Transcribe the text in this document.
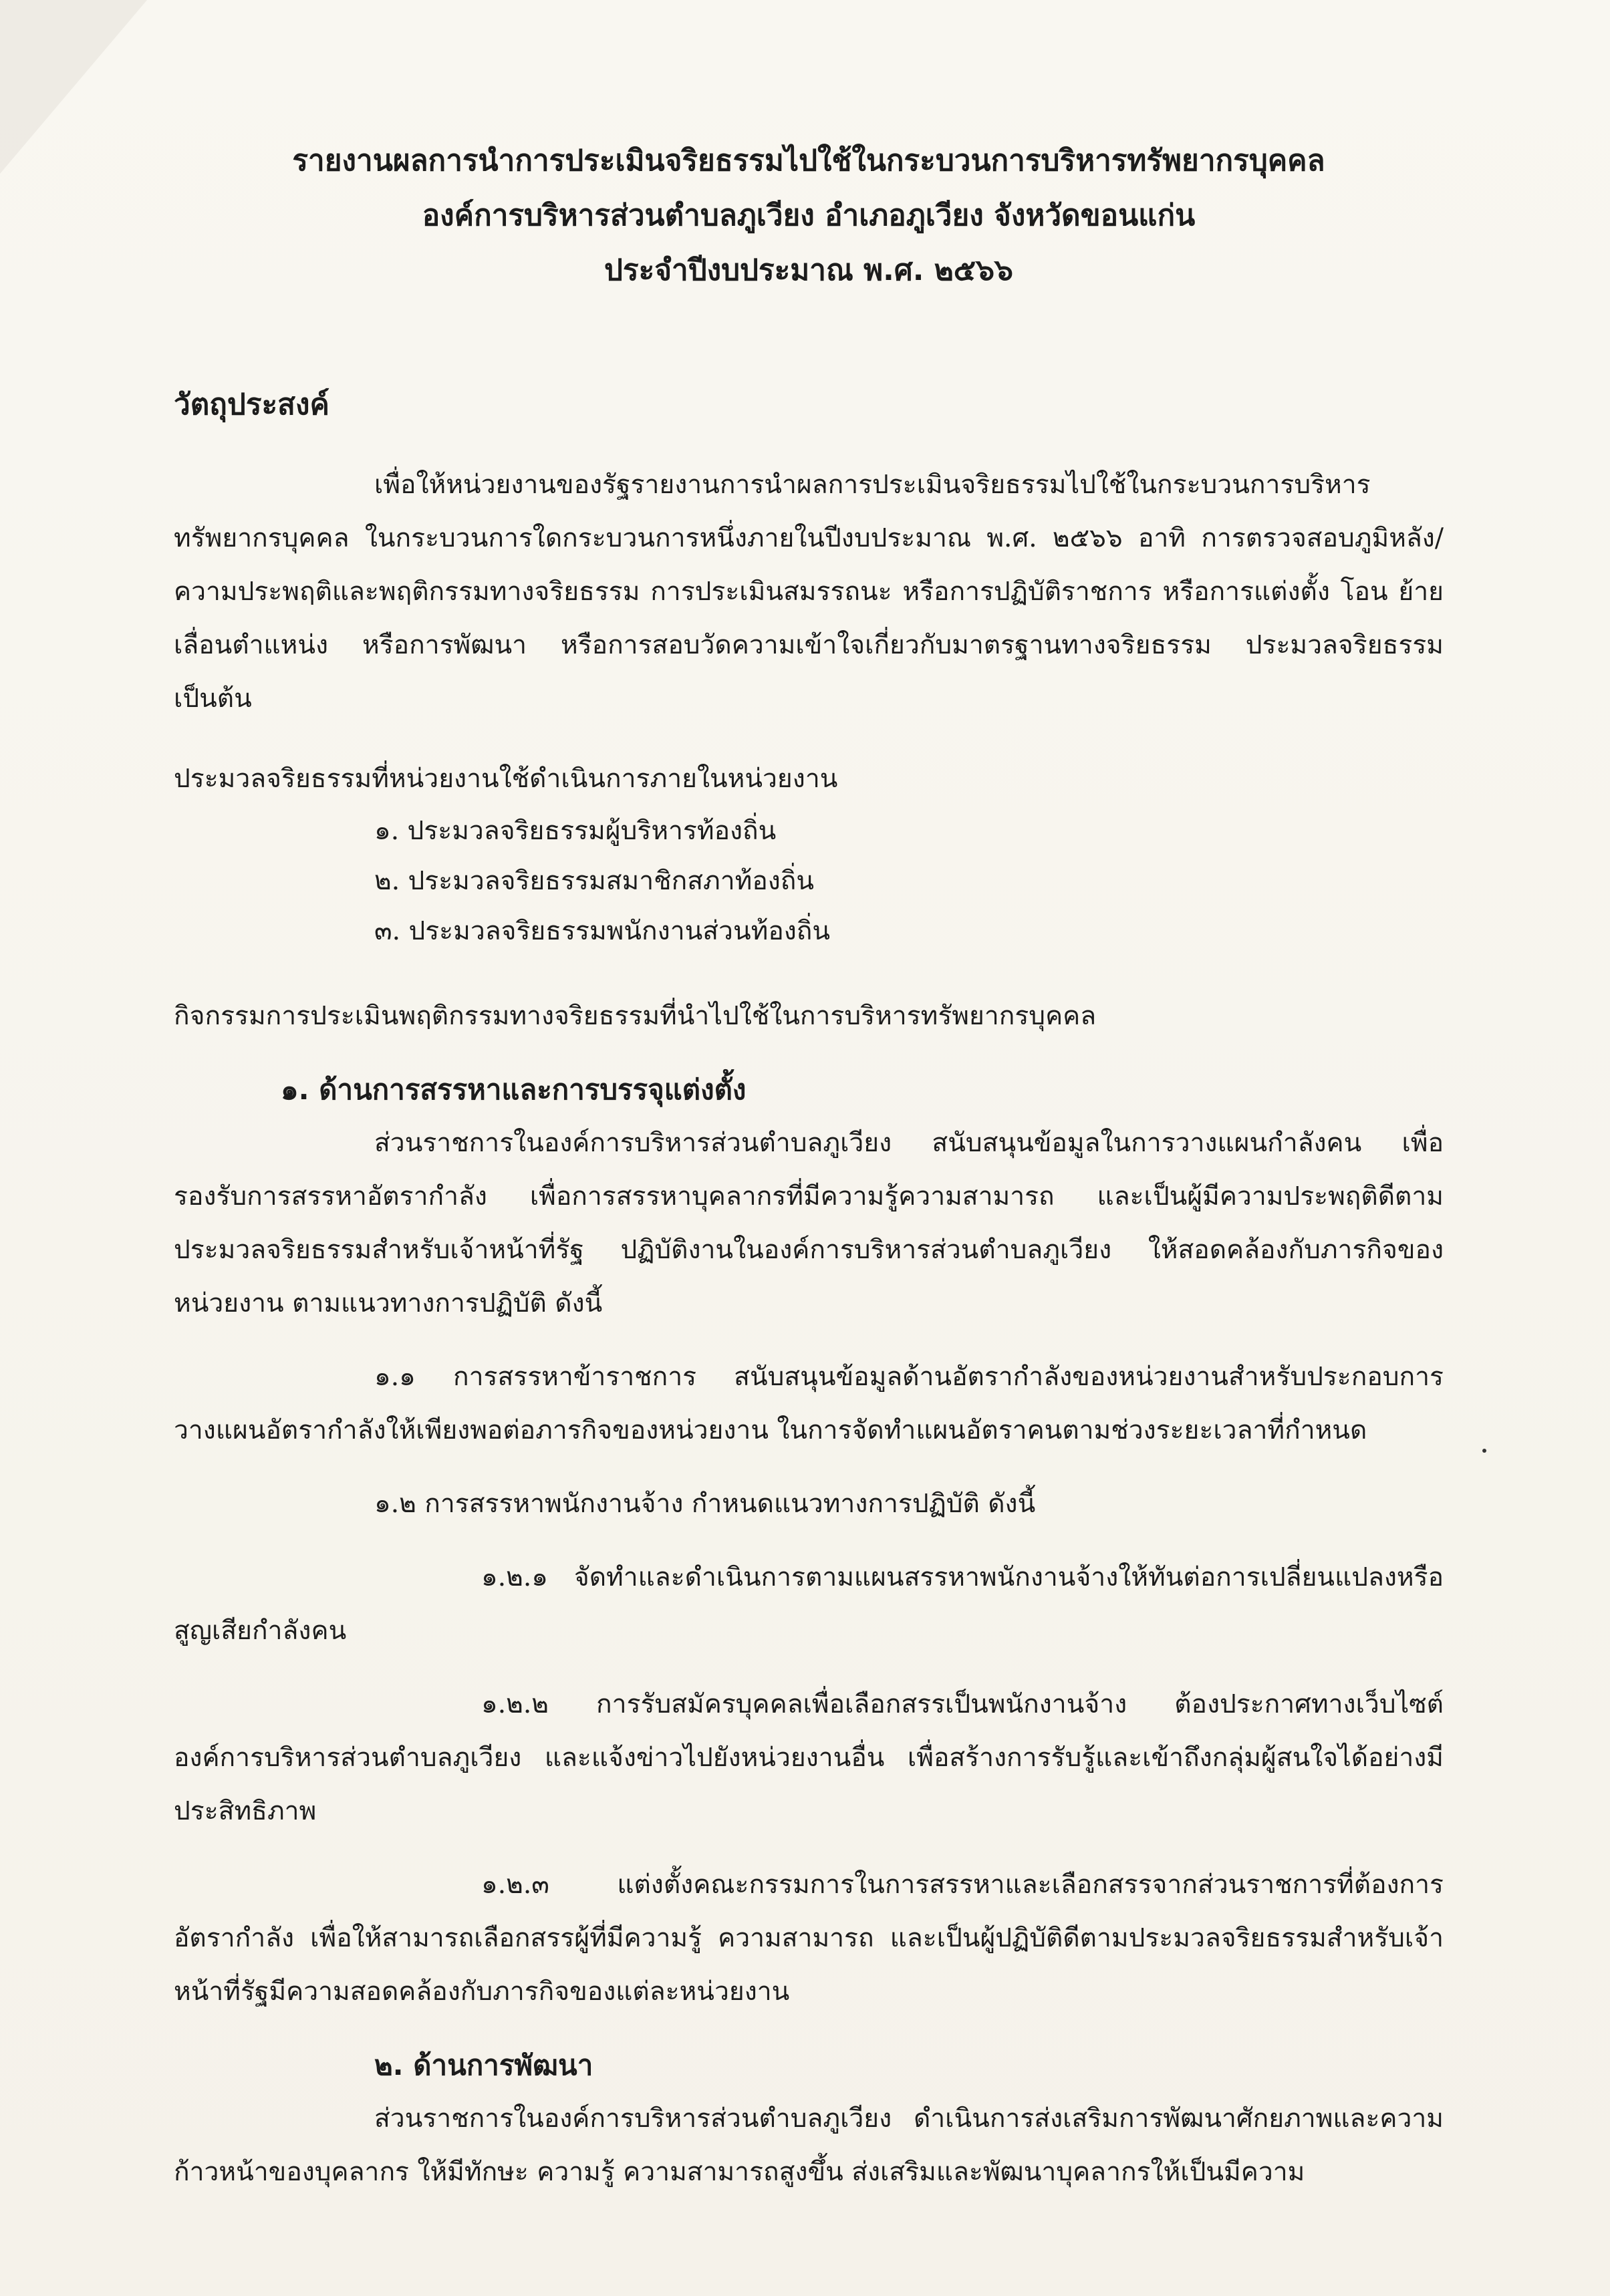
รายงานผลการนำการประเมินจริยธรรมไปใช้ในกระบวนการบริหารทรัพยากรบุคคล
องค์การบริหารส่วนตำบลภูเวียง อำเภอภูเวียง จังหวัดขอนแก่น
ประจำปีงบประมาณ พ.ศ. ๒๕๖๖
วัตถุประสงค์

เพื่อให้หน่วยงานของรัฐรายงานการนำผลการประเมินจริยธรรมไปใช้ในกระบวนการบริหารทรัพยากรบุคคล ในกระบวนการใดกระบวนการหนึ่งภายในปีงบประมาณ พ.ศ. ๒๕๖๖ อาทิ การตรวจสอบภูมิหลัง/ความประพฤติและพฤติกรรมทางจริยธรรม การประเมินสมรรถนะ หรือการปฏิบัติราชการ หรือการแต่งตั้ง โอน ย้าย เลื่อนตำแหน่ง หรือการพัฒนา หรือการสอบวัดความเข้าใจเกี่ยวกับมาตรฐานทางจริยธรรม ประมวลจริยธรรม เป็นต้น

ประมวลจริยธรรมที่หน่วยงานใช้ดำเนินการภายในหน่วยงาน
๑. ประมวลจริยธรรมผู้บริหารท้องถิ่น
๒. ประมวลจริยธรรมสมาชิกสภาท้องถิ่น
๓. ประมวลจริยธรรมพนักงานส่วนท้องถิ่น
กิจกรรมการประเมินพฤติกรรมทางจริยธรรมที่นำไปใช้ในการบริหารทรัพยากรบุคคล
๑. ด้านการสรรหาและการบรรจุแต่งตั้ง

ส่วนราชการในองค์การบริหารส่วนตำบลภูเวียง สนับสนุนข้อมูลในการวางแผนกำลังคน เพื่อรองรับการสรรหาอัตรากำลัง เพื่อการสรรหาบุคลากรที่มีความรู้ความสามารถ และเป็นผู้มีความประพฤติดีตามประมวลจริยธรรมสำหรับเจ้าหน้าที่รัฐ ปฏิบัติงานในองค์การบริหารส่วนตำบลภูเวียง ให้สอดคล้องกับภารกิจของหน่วยงาน ตามแนวทางการปฏิบัติ ดังนี้

๑.๑ การสรรหาข้าราชการ สนับสนุนข้อมูลด้านอัตรากำลังของหน่วยงานสำหรับประกอบการวางแผนอัตรากำลังให้เพียงพอต่อภารกิจของหน่วยงาน ในการจัดทำแผนอัตราคนตามช่วงระยะเวลาที่กำหนด

๑.๒ การสรรหาพนักงานจ้าง กำหนดแนวทางการปฏิบัติ ดังนี้

๑.๒.๑ จัดทำและดำเนินการตามแผนสรรหาพนักงานจ้างให้ทันต่อการเปลี่ยนแปลงหรือสูญเสียกำลังคน

๑.๒.๒ การรับสมัครบุคคลเพื่อเลือกสรรเป็นพนักงานจ้าง ต้องประกาศทางเว็บไซต์องค์การบริหารส่วนตำบลภูเวียง และแจ้งข่าวไปยังหน่วยงานอื่น เพื่อสร้างการรับรู้และเข้าถึงกลุ่มผู้สนใจได้อย่างมีประสิทธิภาพ

๑.๒.๓ แต่งตั้งคณะกรรมการในการสรรหาและเลือกสรรจากส่วนราชการที่ต้องการอัตรากำลัง เพื่อให้สามารถเลือกสรรผู้ที่มีความรู้ ความสามารถ และเป็นผู้ปฏิบัติดีตามประมวลจริยธรรมสำหรับเจ้าหน้าที่รัฐมีความสอดคล้องกับภารกิจของแต่ละหน่วยงาน

๒. ด้านการพัฒนา

ส่วนราชการในองค์การบริหารส่วนตำบลภูเวียง ดำเนินการส่งเสริมการพัฒนาศักยภาพและความก้าวหน้าของบุคลากร ให้มีทักษะ ความรู้ ความสามารถสูงขึ้น ส่งเสริมและพัฒนาบุคลากรให้เป็นมีความ
